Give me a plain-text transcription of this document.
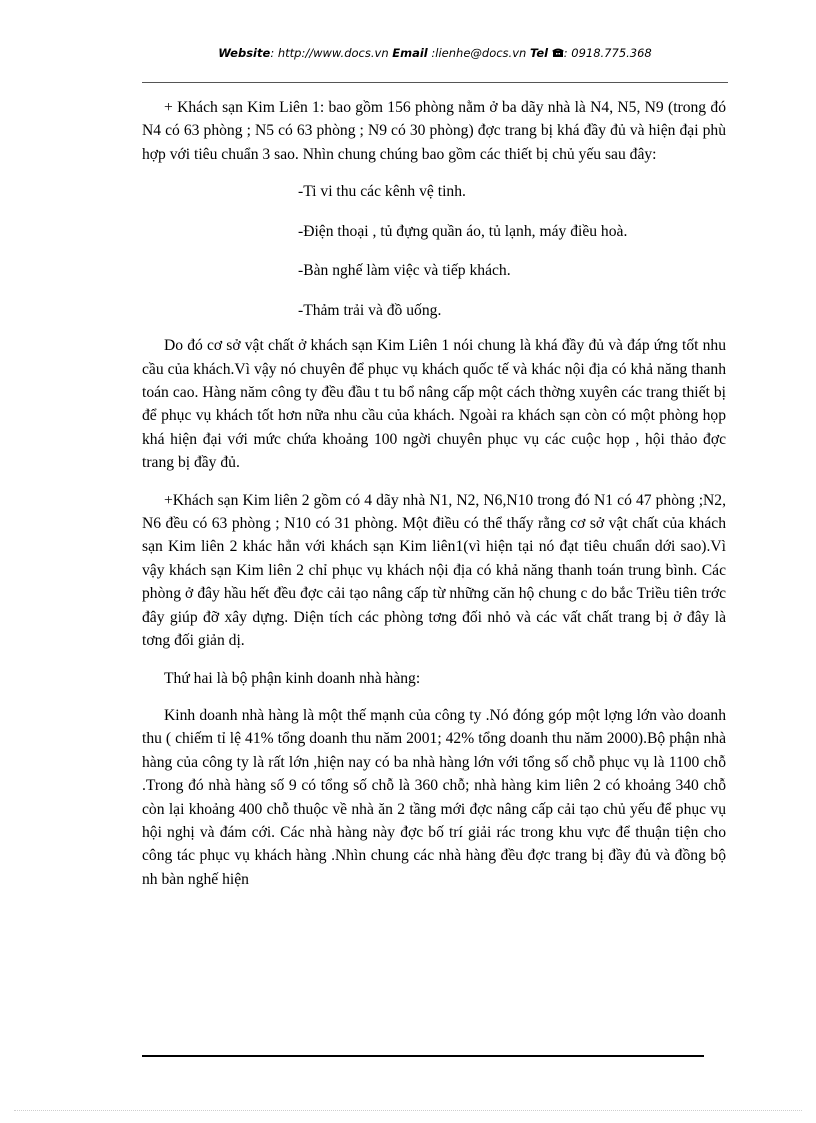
Website: http://www.docs.vn Email :lienhe@docs.vn Tel : 0918.775.368

+ Khách sạn Kim Liên 1: bao gồm 156 phòng nằm ở ba dãy nhà là N4, N5, N9 (trong đó N4 có 63 phòng ; N5 có 63 phòng ; N9 có 30 phòng) đợc trang bị khá đầy đủ và hiện đại phù hợp với tiêu chuẩn 3 sao. Nhìn chung chúng bao gồm các thiết bị chủ yếu sau đây:

-Ti vi thu các kênh vệ tinh.

-Điện thoại , tủ đựng quần áo, tủ lạnh, máy điều hoà.

-Bàn nghế làm việc và tiếp khách.

-Thảm trải và đồ uống.

Do đó cơ sở vật chất ở khách sạn Kim Liên 1 nói chung là khá đầy đủ và đáp ứng tốt nhu cầu của khách.Vì vậy nó chuyên để phục vụ khách quốc tế và khác nội địa có khả năng thanh toán cao. Hàng năm công ty đều đầu t tu bổ nâng cấp một cách thờng xuyên các trang thiết bị để phục vụ khách tốt hơn nữa nhu cầu của khách. Ngoài ra khách sạn còn có một phòng họp khá hiện đại với mức chứa khoảng 100 ngời chuyên phục vụ các cuộc họp , hội thảo đợc trang bị đầy đủ.

+Khách sạn Kim liên 2 gồm có 4 dãy nhà N1, N2, N6,N10 trong đó N1 có 47 phòng ;N2, N6 đều có 63 phòng ; N10 có 31 phòng. Một điều có thể thấy rằng cơ sở vật chất của khách sạn Kim liên 2 khác hẳn với khách sạn Kim liên1(vì hiện tại nó đạt tiêu chuẩn dới sao).Vì vậy khách sạn Kim liên 2 chỉ phục vụ khách nội địa có khả năng thanh toán trung bình. Các phòng ở đây hầu hết đều đợc cải tạo nâng cấp từ những căn hộ chung c do bắc Triều tiên trớc đây giúp đỡ xây dựng. Diện tích các phòng tơng đối nhỏ và các vất chất trang bị ở đây là tơng đối giản dị.

Thứ hai là bộ phận kinh doanh nhà hàng:

Kinh doanh nhà hàng là một thế mạnh của công ty .Nó đóng góp một lợng lớn vào doanh thu ( chiếm tỉ lệ 41% tổng doanh thu năm 2001; 42% tổng doanh thu năm 2000).Bộ phận nhà hàng của công ty là rất lớn ,hiện nay có ba nhà hàng lớn với tổng số chỗ phục vụ là 1100 chỗ .Trong đó nhà hàng số 9 có tổng số chỗ là 360 chỗ; nhà hàng kim liên 2 có khoảng 340 chỗ còn lại khoảng 400 chỗ thuộc về nhà ăn 2 tầng mới đợc nâng cấp cải tạo chủ yếu để phục vụ hội nghị và đám cới. Các nhà hàng này đợc bố trí giải rác trong khu vực để thuận tiện cho công tác phục vụ khách hàng .Nhìn chung các nhà hàng đều đợc trang bị đầy đủ và đồng bộ nh bàn nghế hiện
